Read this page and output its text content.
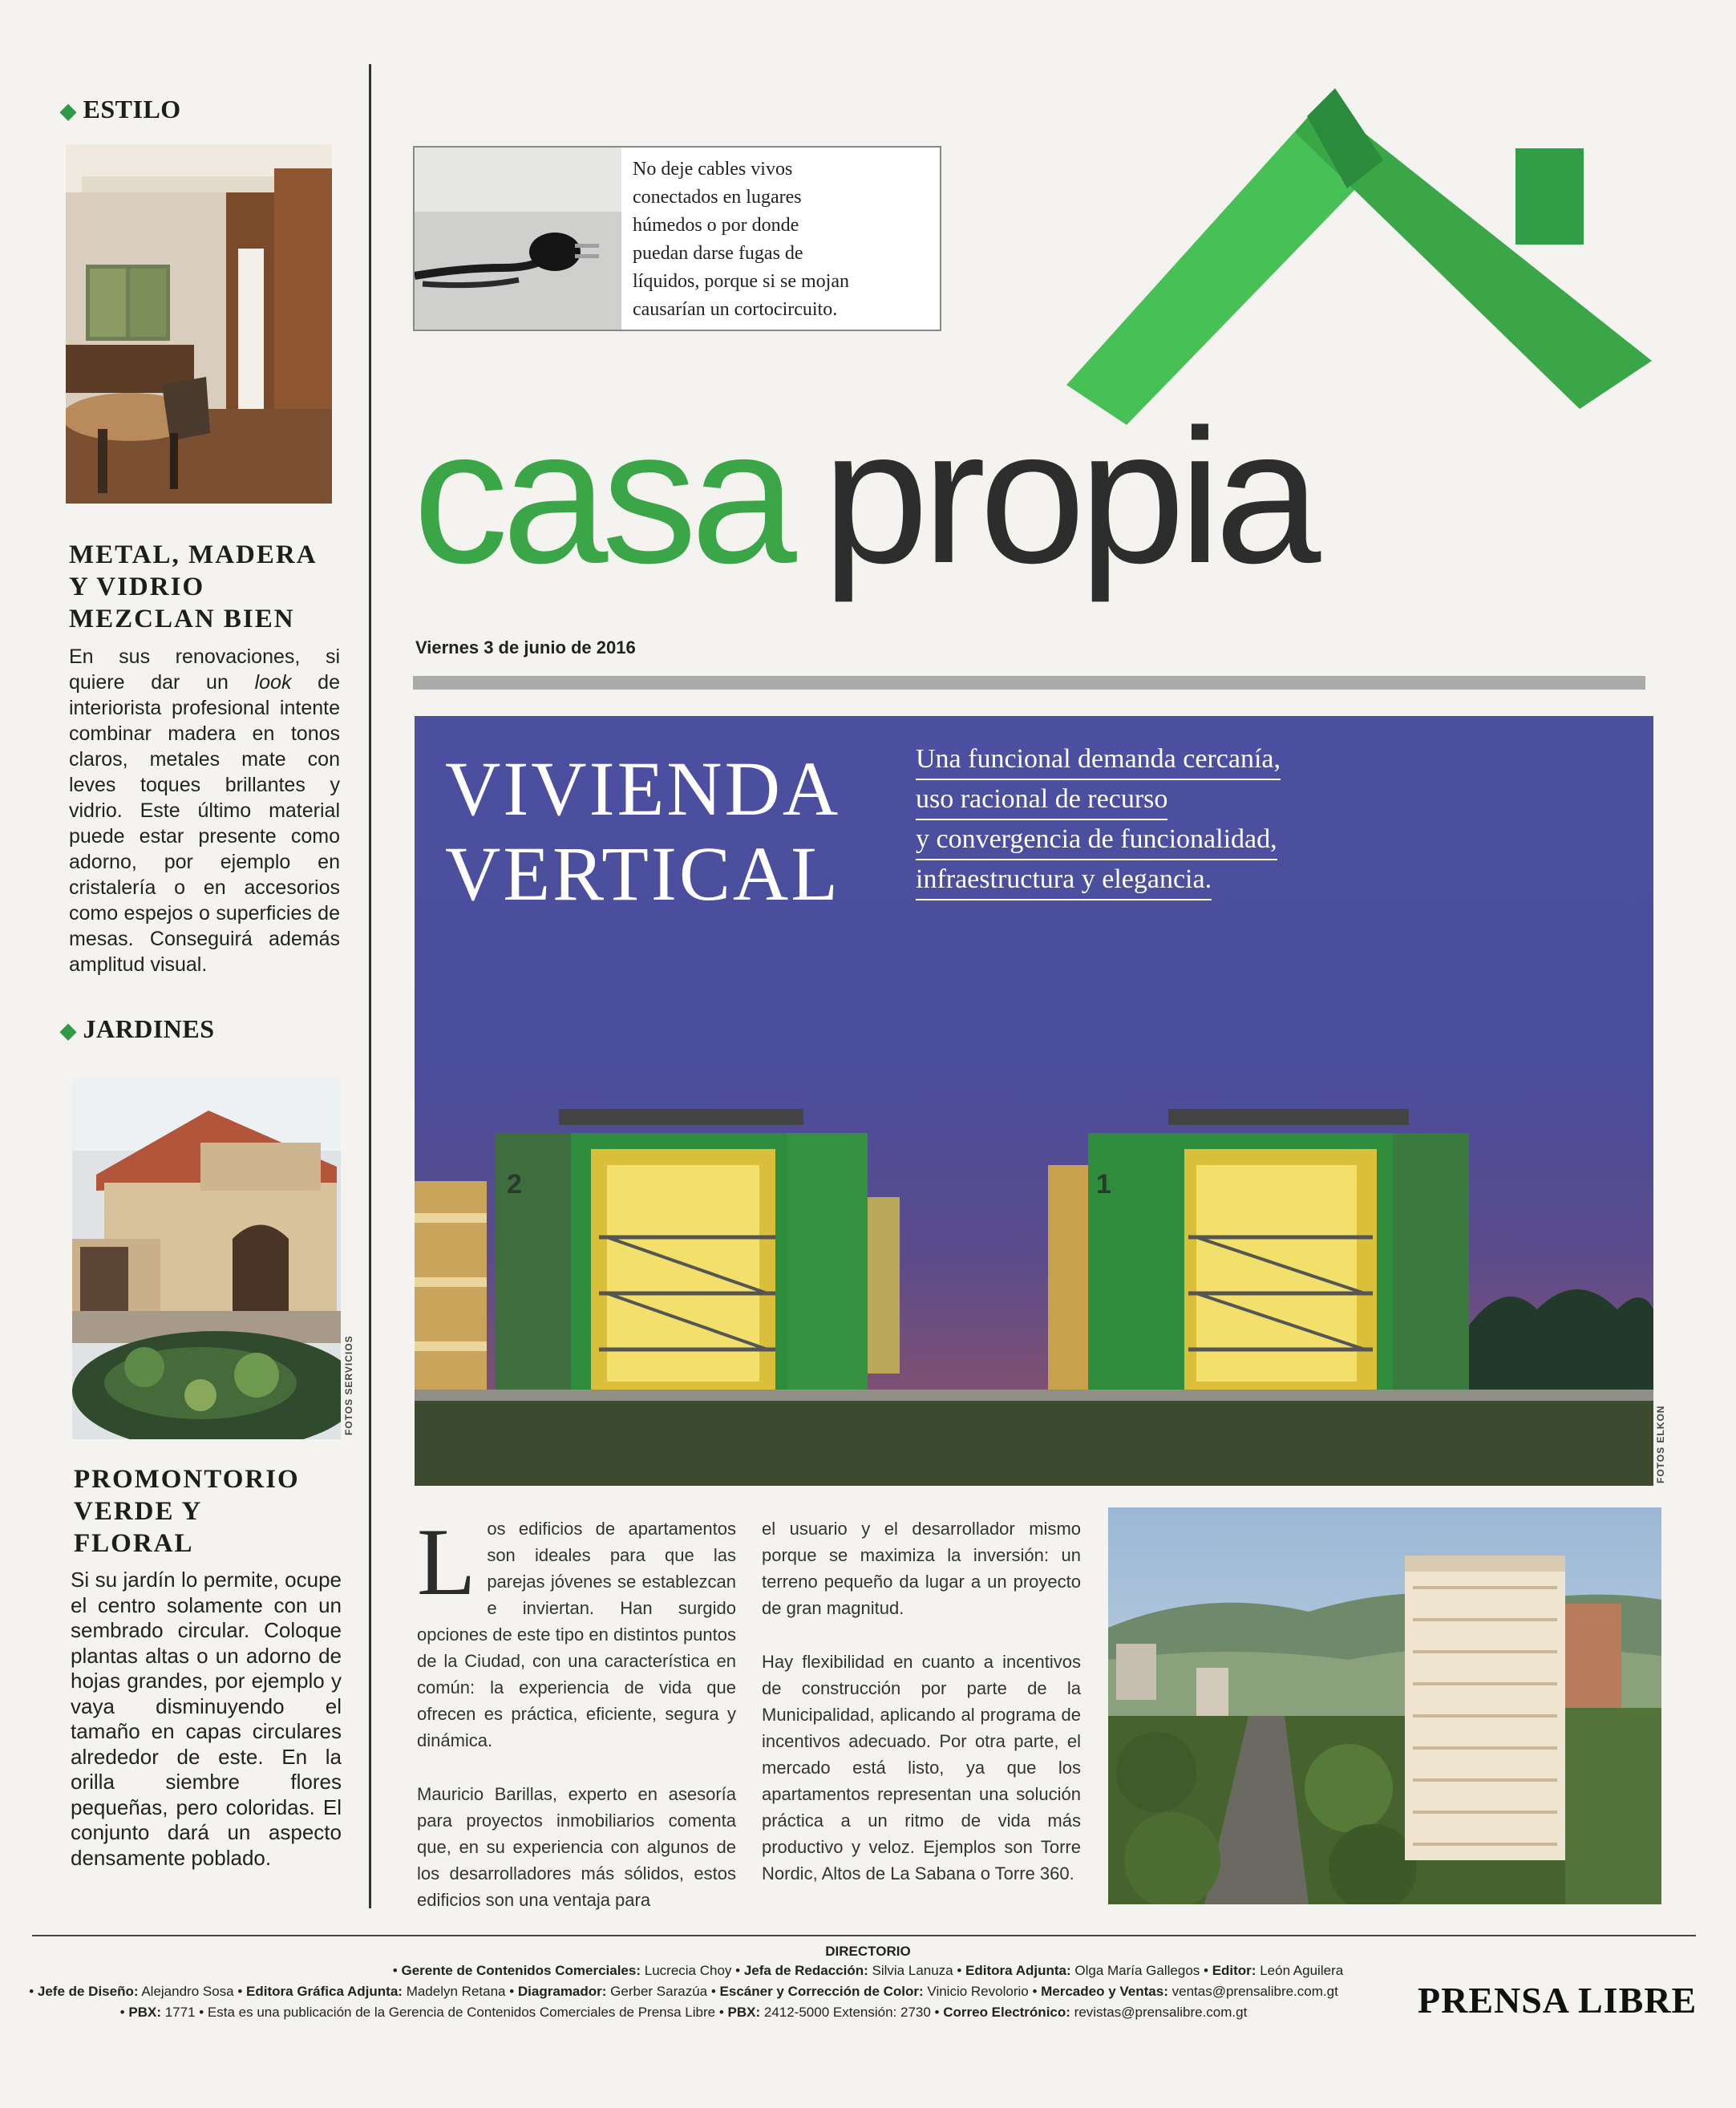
◆ ESTILO
METAL, MADERA
Y VIDRIO
MEZCLAN BIEN
En sus renovaciones, si quiere dar un look de interiorista profesional intente combinar madera en tonos claros, metales mate con leves toques brillantes y vidrio. Este último material puede estar presente como adorno, por ejemplo en cristalería o en accesorios como espejos o superficies de mesas. Conseguirá además amplitud visual.
◆ JARDINES
FOTOS SERVICIOS
PROMONTORIO
VERDE Y
FLORAL
Si su jardín lo permite, ocupe el centro solamente con un sembrado circular. Coloque plantas altas o un adorno de hojas grandes, por ejemplo y vaya disminuyendo el tamaño en capas circulares alrededor de este. En la orilla siembre flores pequeñas, pero coloridas. El conjunto dará un aspecto densamente poblado.
No deje cables vivos
conectados en lugares
húmedos o por donde
puedan darse fugas de
líquidos, porque si se mojan
causarían un cortocircuito.
casa propia
Viernes 3 de junio de 2016
2	1
VIVIENDA
VERTICAL
Una funcional demanda cercanía,
uso racional de recurso
y convergencia de funcionalidad,
infraestructura y elegancia.
FOTOS ELKON
L os edificios de apartamentos son ideales para que las parejas jóvenes se establezcan e inviertan. Han surgido opciones de este tipo en distintos puntos de la Ciudad, con una característica en común: la experiencia de vida que ofrecen es práctica, eficiente, segura y dinámica.

Mauricio Barillas, experto en asesoría para proyectos inmobiliarios comenta que, en su experiencia con algunos de los desarrolladores más sólidos, estos edificios son una ventaja para

el usuario y el desarrollador mismo porque se maximiza la inversión: un terreno pequeño da lugar a un proyecto de gran magnitud.

Hay flexibilidad en cuanto a incentivos de construcción por parte de la Municipalidad, aplicando al programa de incentivos adecuado. Por otra parte, el mercado está listo, ya que los apartamentos representan una solución práctica a un ritmo de vida más productivo y veloz. Ejemplos son Torre Nordic, Altos de La Sabana o Torre 360.

DIRECTORIO
• Gerente de Contenidos Comerciales: Lucrecia Choy • Jefa de Redacción: Silvia Lanuza • Editora Adjunta: Olga María Gallegos • Editor: León Aguilera
• Jefe de Diseño: Alejandro Sosa • Editora Gráfica Adjunta: Madelyn Retana • Diagramador: Gerber Sarazúa • Escáner y Corrección de Color: Vinicio Revolorio • Mercadeo y Ventas: ventas@prensalibre.com.gt
• PBX: 1771 • Esta es una publicación de la Gerencia de Contenidos Comerciales de Prensa Libre • PBX: 2412-5000 Extensión: 2730 • Correo Electrónico: revistas@prensalibre.com.gt	PRENSA LIBRE
